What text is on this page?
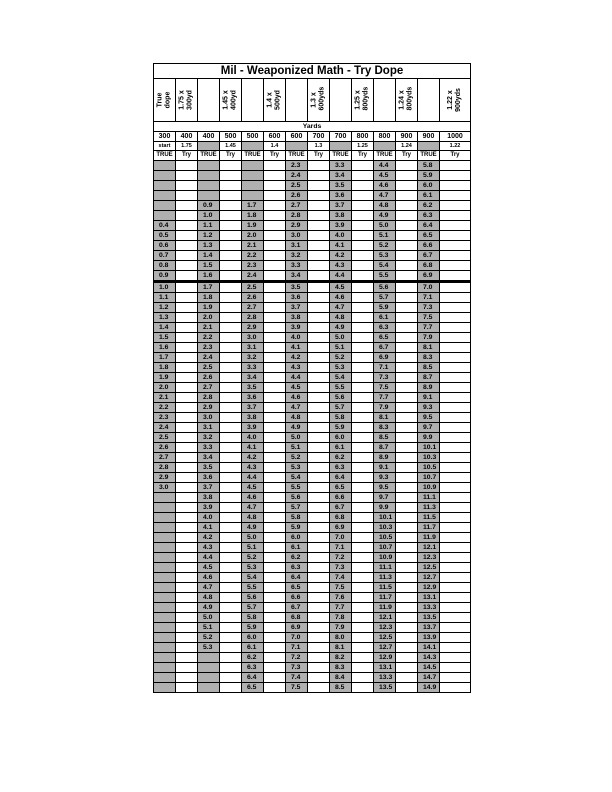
Mil - Weaponized Math - Try Dope													

True dope	1.75 x 300yd		1.45 x 400yd		1.4 x 500yd		1.3 x 600yds		1.25 x 800yds		1.24 x 800yds		1.22 x 900yds

Yards													
300	400	400	500	500	600	600	700	700	800	800	900	900	1000
start	1.75		1.45		1.4		1.3		1.25		1.24		1.22
TRUE	Try	TRUE	Try	TRUE	Try	TRUE	Try	TRUE	Try	TRUE	Try	TRUE	Try
						2.3		3.3		4.4		5.8	
						2.4		3.4		4.5		5.9	
						2.5		3.5		4.6		6.0	
						2.6		3.6		4.7		6.1	
		0.9		1.7		2.7		3.7		4.8		6.2	
		1.0		1.8		2.8		3.8		4.9		6.3	
0.4		1.1		1.9		2.9		3.9		5.0		6.4	
0.5		1.2		2.0		3.0		4.0		5.1		6.5	
0.6		1.3		2.1		3.1		4.1		5.2		6.6	
0.7		1.4		2.2		3.2		4.2		5.3		6.7	
0.8		1.5		2.3		3.3		4.3		5.4		6.8	
0.9		1.6		2.4		3.4		4.4		5.5		6.9	
1.0		1.7		2.5		3.5		4.5		5.6		7.0	
1.1		1.8		2.6		3.6		4.6		5.7		7.1	
1.2		1.9		2.7		3.7		4.7		5.9		7.3	
1.3		2.0		2.8		3.8		4.8		6.1		7.5	
1.4		2.1		2.9		3.9		4.9		6.3		7.7	
1.5		2.2		3.0		4.0		5.0		6.5		7.9	
1.6		2.3		3.1		4.1		5.1		6.7		8.1	
1.7		2.4		3.2		4.2		5.2		6.9		8.3	
1.8		2.5		3.3		4.3		5.3		7.1		8.5	
1.9		2.6		3.4		4.4		5.4		7.3		8.7	
2.0		2.7		3.5		4.5		5.5		7.5		8.9	
2.1		2.8		3.6		4.6		5.6		7.7		9.1	
2.2		2.9		3.7		4.7		5.7		7.9		9.3	
2.3		3.0		3.8		4.8		5.8		8.1		9.5	
2.4		3.1		3.9		4.9		5.9		8.3		9.7	
2.5		3.2		4.0		5.0		6.0		8.5		9.9	
2.6		3.3		4.1		5.1		6.1		8.7		10.1	
2.7		3.4		4.2		5.2		6.2		8.9		10.3	
2.8		3.5		4.3		5.3		6.3		9.1		10.5	
2.9		3.6		4.4		5.4		6.4		9.3		10.7	
3.0		3.7		4.5		5.5		6.5		9.5		10.9	
		3.8		4.6		5.6		6.6		9.7		11.1	
		3.9		4.7		5.7		6.7		9.9		11.3	
		4.0		4.8		5.8		6.8		10.1		11.5	
		4.1		4.9		5.9		6.9		10.3		11.7	
		4.2		5.0		6.0		7.0		10.5		11.9	
		4.3		5.1		6.1		7.1		10.7		12.1	
		4.4		5.2		6.2		7.2		10.9		12.3	
		4.5		5.3		6.3		7.3		11.1		12.5	
		4.6		5.4		6.4		7.4		11.3		12.7	
		4.7		5.5		6.5		7.5		11.5		12.9	
		4.8		5.6		6.6		7.6		11.7		13.1	
		4.9		5.7		6.7		7.7		11.9		13.3	
		5.0		5.8		6.8		7.8		12.1		13.5	
		5.1		5.9		6.9		7.9		12.3		13.7	
		5.2		6.0		7.0		8.0		12.5		13.9	
		5.3		6.1		7.1		8.1		12.7		14.1	
				6.2		7.2		8.2		12.9		14.3	
				6.3		7.3		8.3		13.1		14.5	
				6.4		7.4		8.4		13.3		14.7	
				6.5		7.5		8.5		13.5		14.9	
